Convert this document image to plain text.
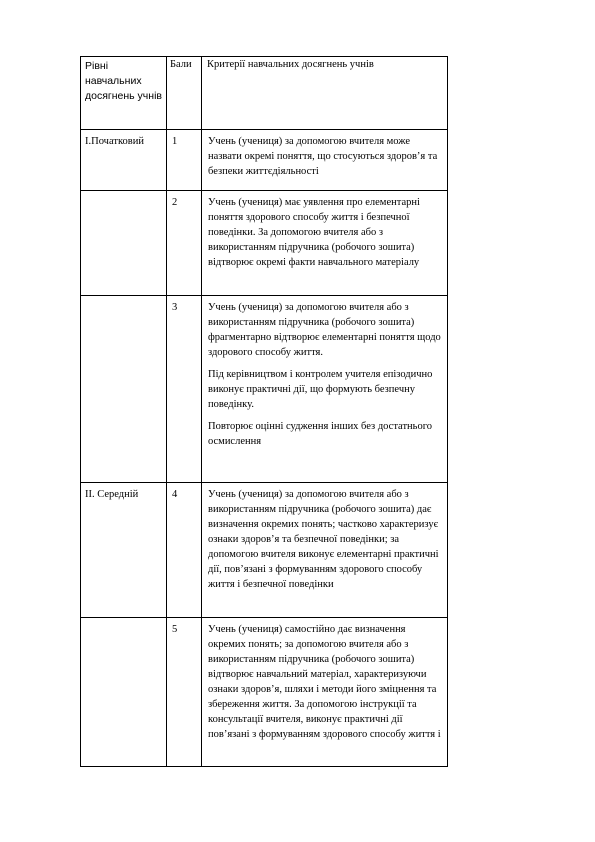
Рівні навчальних досягнень учнів	Бали	Критерії навчальних досягнень учнів
I.Початковий	1	Учень (учениця) за допомогою вчителя може назвати окремі поняття, що стосуються здоров’я та безпеки життєдіяльності

	2	Учень (учениця) має уявлення про елементарні поняття здорового способу життя і безпечної поведінки. За допомогою вчителя або з використанням підручника (робочого зошита) відтворює окремі факти навчального матеріалу

	3	Учень (учениця) за допомогою вчителя або з використанням підручника (робочого зошита) фрагментарно відтворює елементарні поняття щодо здорового способу життя.

Під керівництвом і контролем учителя епізодично виконує практичні дії, що формують безпечну поведінку.

Повторює оцінні судження інших без достатнього осмислення

II. Середній	4	Учень (учениця) за допомогою вчителя або з використанням підручника (робочого зошита) дає визначення окремих понять; частково характеризує ознаки здоров’я та безпечної поведінки; за допомогою вчителя виконує елементарні практичні дії, пов’язані з формуванням здорового способу життя і безпечної поведінки

	5	Учень (учениця) самостійно дає визначення окремих понять; за допомогою вчителя або з використанням підручника (робочого зошита) відтворює навчальний матеріал, характеризуючи ознаки здоров’я, шляхи і методи його зміцнення та збереження життя. За допомогою інструкції та консультації вчителя, виконує практичні дії пов’язані з формуванням здорового способу життя і
